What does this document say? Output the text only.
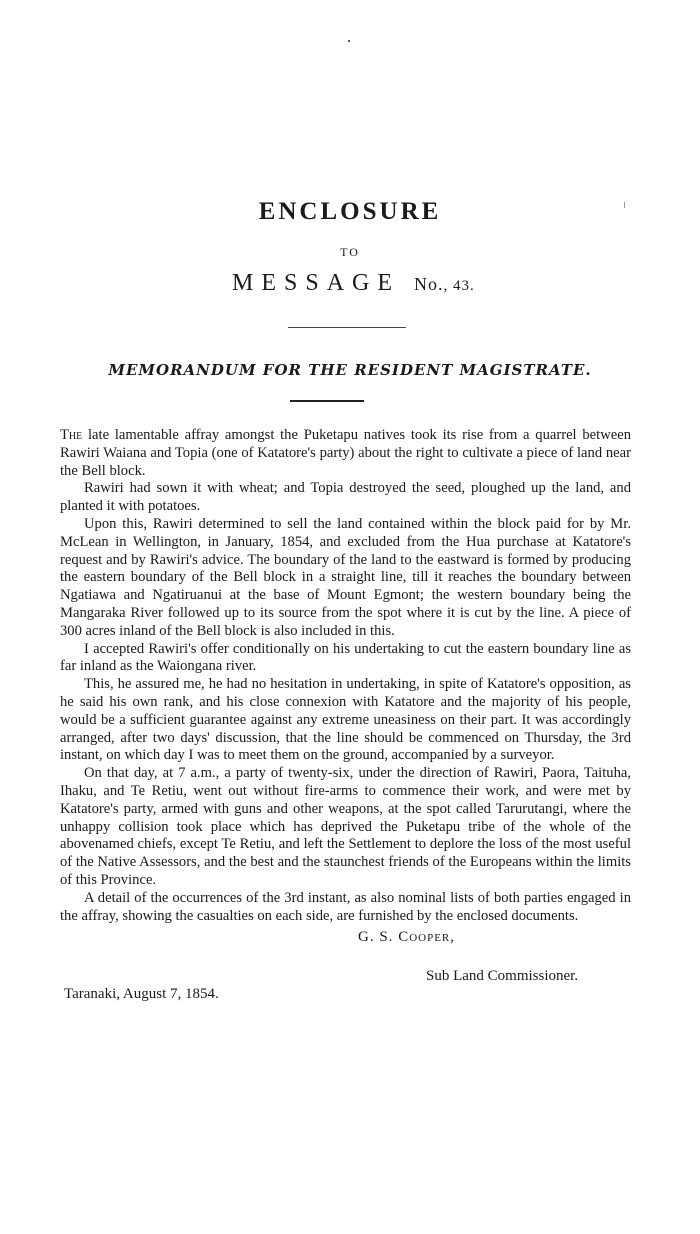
ENCLOSURE
TO
MESSAGE No., 43.
MEMORANDUM FOR THE RESIDENT MAGISTRATE.

The late lamentable affray amongst the Puketapu natives took its rise from a quarrel between Rawiri Waiana and Topia (one of Katatore's party) about the right to cultivate a piece of land near the Bell block.

Rawiri had sown it with wheat; and Topia destroyed the seed, ploughed up the land, and planted it with potatoes.

Upon this, Rawiri determined to sell the land contained within the block paid for by Mr. McLean in Wellington, in January, 1854, and excluded from the Hua purchase at Katatore's request and by Rawiri's advice. The boundary of the land to the eastward is formed by producing the eastern boundary of the Bell block in a straight line, till it reaches the boundary between Ngatiawa and Ngatiruanui at the base of Mount Egmont; the western boundary being the Mangaraka River followed up to its source from the spot where it is cut by the line. A piece of 300 acres inland of the Bell block is also included in this.

I accepted Rawiri's offer conditionally on his undertaking to cut the eastern boundary line as far inland as the Waiongana river.

This, he assured me, he had no hesitation in undertaking, in spite of Katatore's opposition, as he said his own rank, and his close connexion with Katatore and the majority of his people, would be a sufficient guarantee against any extreme uneasiness on their part. It was accordingly arranged, after two days' discussion, that the line should be commenced on Thursday, the 3rd instant, on which day I was to meet them on the ground, accompanied by a surveyor.

On that day, at 7 a.m., a party of twenty-six, under the direction of Rawiri, Paora, Taituha, Ihaku, and Te Retiu, went out without fire-arms to commence their work, and were met by Katatore's party, armed with guns and other weapons, at the spot called Tarurutangi, where the unhappy collision took place which has deprived the Puketapu tribe of the whole of the abovenamed chiefs, except Te Retiu, and left the Settlement to deplore the loss of the most useful of the Native Assessors, and the best and the staunchest friends of the Europeans within the limits of this Province.

A detail of the occurrences of the 3rd instant, as also nominal lists of both parties engaged in the affray, showing the casualties on each side, are furnished by the enclosed documents.

G. S. Cooper,
Sub Land Commissioner.
Taranaki, August 7, 1854.
